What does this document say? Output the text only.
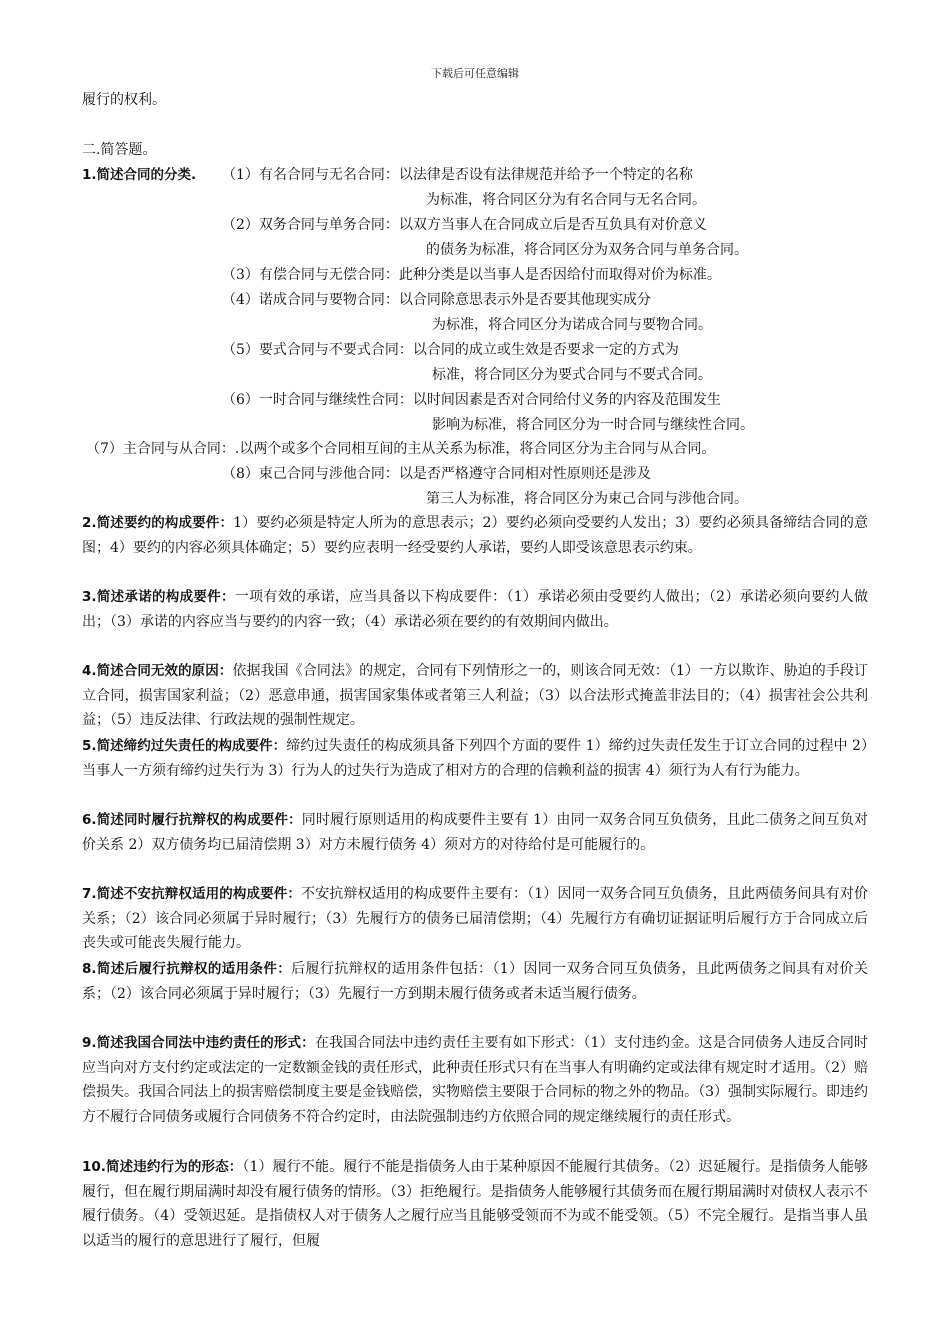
下载后可任意编辑
履行的权利。
二.简答题。
1.简述合同的分类. （1）有名合同与无名合同：以法律是否设有法律规范并给予一个特定的名称
为标准，将合同区分为有名合同与无名合同。
（2）双务合同与单务合同：以双方当事人在合同成立后是否互负具有对价意义
的债务为标准，将合同区分为双务合同与单务合同。
（3）有偿合同与无偿合同：此种分类是以当事人是否因给付而取得对价为标准。
（4）诺成合同与要物合同：以合同除意思表示外是否要其他现实成分
为标准，将合同区分为诺成合同与要物合同。
（5）要式合同与不要式合同：以合同的成立或生效是否要求一定的方式为
标准，将合同区分为要式合同与不要式合同。
（6）一时合同与继续性合同：以时间因素是否对合同给付义务的内容及范围发生
影响为标准，将合同区分为一时合同与继续性合同。
（7）主合同与从合同：.以两个或多个合同相互间的主从关系为标准，将合同区分为主合同与从合同。
（8）束己合同与涉他合同：以是否严格遵守合同相对性原则还是涉及
第三人为标准，将合同区分为束己合同与涉他合同。
2.简述要约的构成要件：1）要约必须是特定人所为的意思表示；2）要约必须向受要约人发出；3）要约必须具备缔结合同的意图；4）要约的内容必须具体确定；5）要约应表明一经受要约人承诺，要约人即受该意思表示约束。
3.简述承诺的构成要件：一项有效的承诺，应当具备以下构成要件：（1）承诺必须由受要约人做出；（2）承诺必须向要约人做出；（3）承诺的内容应当与要约的内容一致；（4）承诺必须在要约的有效期间内做出。
4.简述合同无效的原因：依据我国《合同法》的规定，合同有下列情形之一的，则该合同无效：（1）一方以欺诈、胁迫的手段订立合同，损害国家利益；（2）恶意串通，损害国家集体或者第三人利益；（3）以合法形式掩盖非法目的；（4）损害社会公共利益；（5）违反法律、行政法规的强制性规定。
5.简述缔约过失责任的构成要件：缔约过失责任的构成须具备下列四个方面的要件 1）缔约过失责任发生于订立合同的过程中 2）当事人一方须有缔约过失行为 3）行为人的过失行为造成了相对方的合理的信赖利益的损害 4）须行为人有行为能力。
6.简述同时履行抗辩权的构成要件：同时履行原则适用的构成要件主要有 1）由同一双务合同互负债务，且此二债务之间互负对价关系 2）双方债务均已届清偿期 3）对方未履行债务 4）须对方的对待给付是可能履行的。
7.简述不安抗辩权适用的构成要件：不安抗辩权适用的构成要件主要有：（1）因同一双务合同互负债务，且此两债务间具有对价关系；（2）该合同必须属于异时履行；（3）先履行方的债务已届清偿期；（4）先履行方有确切证据证明后履行方于合同成立后丧失或可能丧失履行能力。
8.简述后履行抗辩权的适用条件：后履行抗辩权的适用条件包括：（1）因同一双务合同互负债务，且此两债务之间具有对价关系；（2）该合同必须属于异时履行；（3）先履行一方到期未履行债务或者未适当履行债务。
9.简述我国合同法中违约责任的形式：在我国合同法中违约责任主要有如下形式：（1）支付违约金。这是合同债务人违反合同时应当向对方支付约定或法定的一定数额金钱的责任形式，此种责任形式只有在当事人有明确约定或法律有规定时才适用。（2）赔偿损失。我国合同法上的损害赔偿制度主要是金钱赔偿，实物赔偿主要限于合同标的物之外的物品。（3）强制实际履行。即违约方不履行合同债务或履行合同债务不符合约定时，由法院强制违约方依照合同的规定继续履行的责任形式。
10.简述违约行为的形态：（1）履行不能。履行不能是指债务人由于某种原因不能履行其债务。（2）迟延履行。是指债务人能够履行，但在履行期届满时却没有履行债务的情形。（3）拒绝履行。是指债务人能够履行其债务而在履行期届满时对债权人表示不履行债务。（4）受领迟延。是指债权人对于债务人之履行应当且能够受领而不为或不能受领。（5）不完全履行。是指当事人虽以适当的履行的意思进行了履行，但履
